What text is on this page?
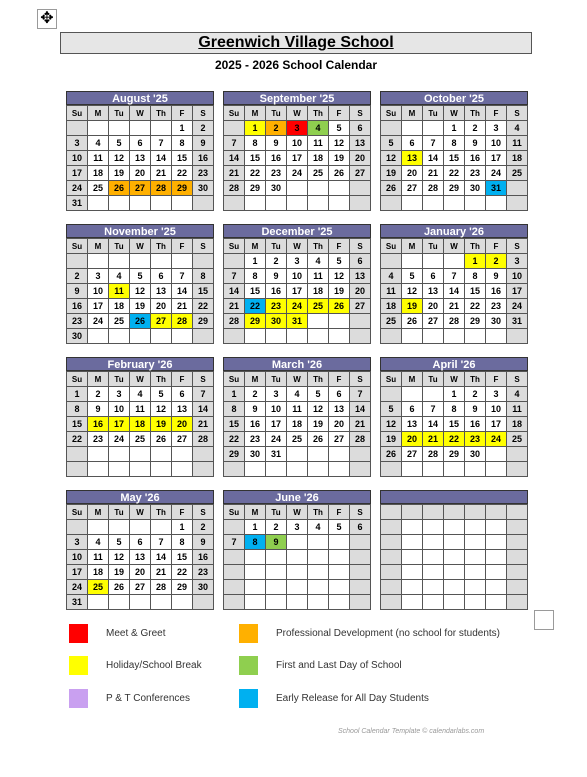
✥
Greenwich Village School
2025 - 2026 School Calendar
August '25
Su	M	Tu	W	Th	F	S
					1	2
3	4	5	6	7	8	9
10	11	12	13	14	15	16
17	18	19	20	21	22	23
24	25	26	27	28	29	30
31						
September '25
Su	M	Tu	W	Th	F	S
	1	2	3	4	5	6
7	8	9	10	11	12	13
14	15	16	17	18	19	20
21	22	23	24	25	26	27
28	29	30				

October '25
Su	M	Tu	W	Th	F	S
			1	2	3	4
5	6	7	8	9	10	11
12	13	14	15	16	17	18
19	20	21	22	23	24	25
26	27	28	29	30	31	

November '25
Su	M	Tu	W	Th	F	S

2	3	4	5	6	7	8
9	10	11	12	13	14	15
16	17	18	19	20	21	22
23	24	25	26	27	28	29
30						
December '25
Su	M	Tu	W	Th	F	S
	1	2	3	4	5	6
7	8	9	10	11	12	13
14	15	16	17	18	19	20
21	22	23	24	25	26	27
28	29	30	31			

January '26
Su	M	Tu	W	Th	F	S
				1	2	3
4	5	6	7	8	9	10
11	12	13	14	15	16	17
18	19	20	21	22	23	24
25	26	27	28	29	30	31

February '26
Su	M	Tu	W	Th	F	S
1	2	3	4	5	6	7
8	9	10	11	12	13	14
15	16	17	18	19	20	21
22	23	24	25	26	27	28

March '26
Su	M	Tu	W	Th	F	S
1	2	3	4	5	6	7
8	9	10	11	12	13	14
15	16	17	18	19	20	21
22	23	24	25	26	27	28
29	30	31				

April '26
Su	M	Tu	W	Th	F	S
			1	2	3	4
5	6	7	8	9	10	11
12	13	14	15	16	17	18
19	20	21	22	23	24	25
26	27	28	29	30		

May '26
Su	M	Tu	W	Th	F	S
					1	2
3	4	5	6	7	8	9
10	11	12	13	14	15	16
17	18	19	20	21	22	23
24	25	26	27	28	29	30
31						
June '26
Su	M	Tu	W	Th	F	S
	1	2	3	4	5	6
7	8	9				

Meet & Greet	Professional Development (no school for students)
Holiday/School Break	First and Last Day of School
P & T Conferences	Early Release for All Day Students
School Calendar Template © calendarlabs.com
